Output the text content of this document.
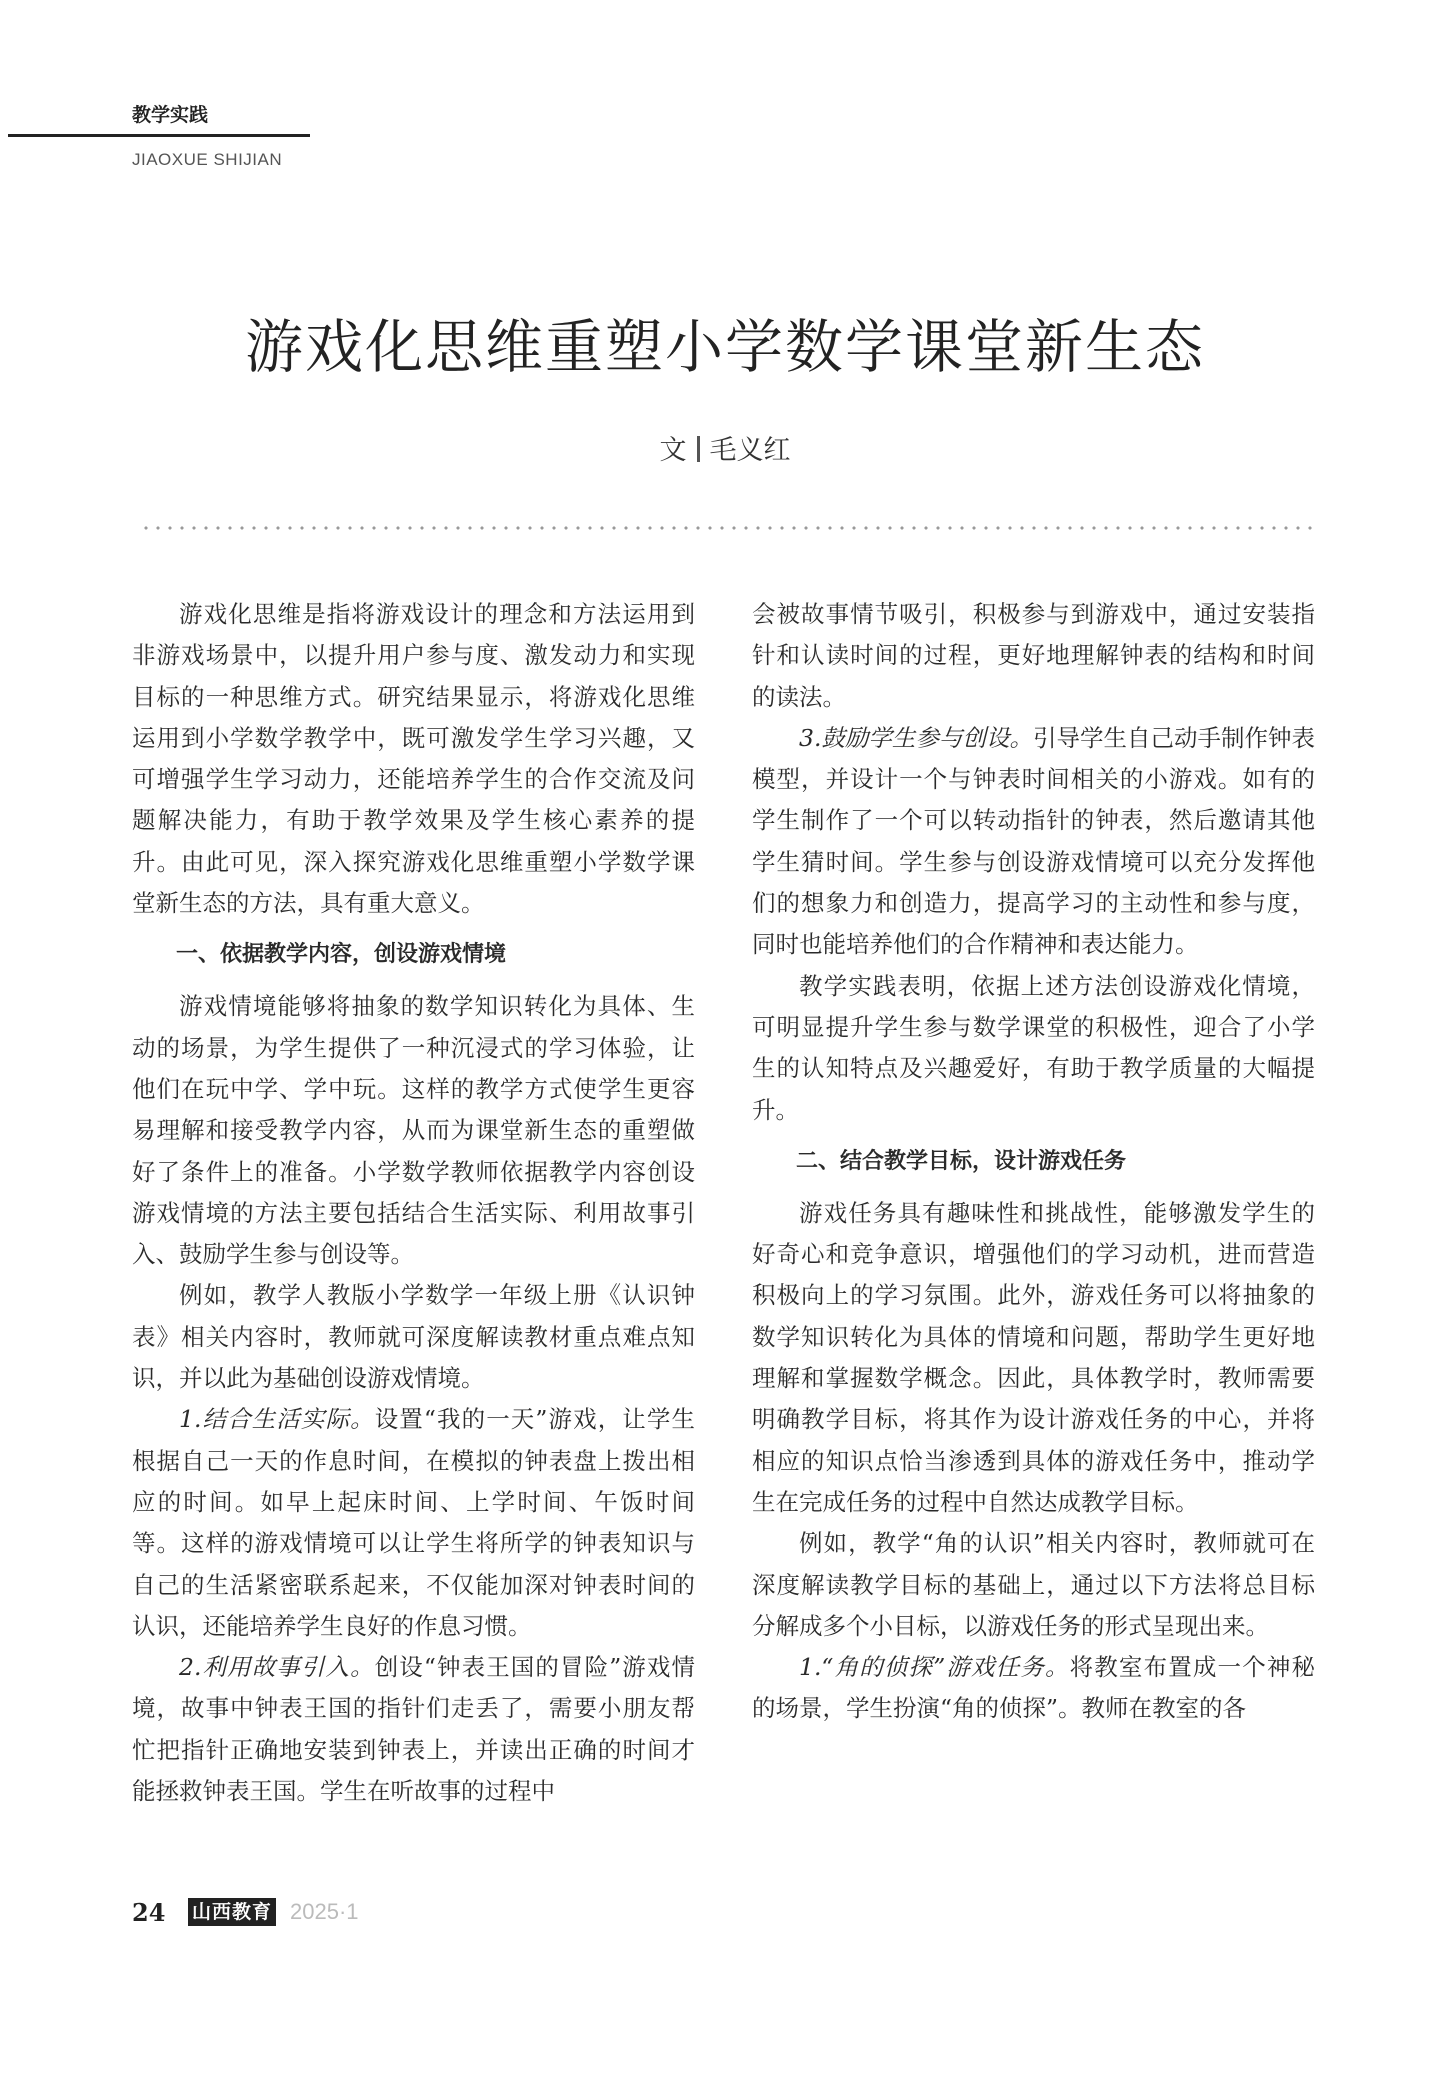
教学实践
JIAOXUE SHIJIAN
游戏化思维重塑小学数学课堂新生态
文 毛义红

游戏化思维是指将游戏设计的理念和方法运用到非游戏场景中，以提升用户参与度、激发动力和实现目标的一种思维方式。研究结果显示，将游戏化思维运用到小学数学教学中，既可激发学生学习兴趣，又可增强学生学习动力，还能培养学生的合作交流及问题解决能力，有助于教学效果及学生核心素养的提升。由此可见，深入探究游戏化思维重塑小学数学课堂新生态的方法，具有重大意义。

一、依据教学内容，创设游戏情境

游戏情境能够将抽象的数学知识转化为具体、生动的场景，为学生提供了一种沉浸式的学习体验，让他们在玩中学、学中玩。这样的教学方式使学生更容易理解和接受教学内容，从而为课堂新生态的重塑做好了条件上的准备。小学数学教师依据教学内容创设游戏情境的方法主要包括结合生活实际、利用故事引入、鼓励学生参与创设等。

例如，教学人教版小学数学一年级上册《认识钟表》相关内容时，教师就可深度解读教材重点难点知识，并以此为基础创设游戏情境。

1.结合生活实际。设置“我的一天”游戏，让学生根据自己一天的作息时间，在模拟的钟表盘上拨出相应的时间。如早上起床时间、上学时间、午饭时间等。这样的游戏情境可以让学生将所学的钟表知识与自己的生活紧密联系起来，不仅能加深对钟表时间的认识，还能培养学生良好的作息习惯。

2.利用故事引入。创设“钟表王国的冒险”游戏情境，故事中钟表王国的指针们走丢了，需要小朋友帮忙把指针正确地安装到钟表上，并读出正确的时间才能拯救钟表王国。学生在听故事的过程中

会被故事情节吸引，积极参与到游戏中，通过安装指针和认读时间的过程，更好地理解钟表的结构和时间的读法。

3.鼓励学生参与创设。引导学生自己动手制作钟表模型，并设计一个与钟表时间相关的小游戏。如有的学生制作了一个可以转动指针的钟表，然后邀请其他学生猜时间。学生参与创设游戏情境可以充分发挥他们的想象力和创造力，提高学习的主动性和参与度，同时也能培养他们的合作精神和表达能力。

教学实践表明，依据上述方法创设游戏化情境，可明显提升学生参与数学课堂的积极性，迎合了小学生的认知特点及兴趣爱好，有助于教学质量的大幅提升。

二、结合教学目标，设计游戏任务

游戏任务具有趣味性和挑战性，能够激发学生的好奇心和竞争意识，增强他们的学习动机，进而营造积极向上的学习氛围。此外，游戏任务可以将抽象的数学知识转化为具体的情境和问题，帮助学生更好地理解和掌握数学概念。因此，具体教学时，教师需要明确教学目标，将其作为设计游戏任务的中心，并将相应的知识点恰当渗透到具体的游戏任务中，推动学生在完成任务的过程中自然达成教学目标。

例如，教学“角的认识”相关内容时，教师就可在深度解读教学目标的基础上，通过以下方法将总目标分解成多个小目标，以游戏任务的形式呈现出来。

1.“角的侦探”游戏任务。将教室布置成一个神秘的场景，学生扮演“角的侦探”。教师在教室的各

24 山西教育 2025·1
